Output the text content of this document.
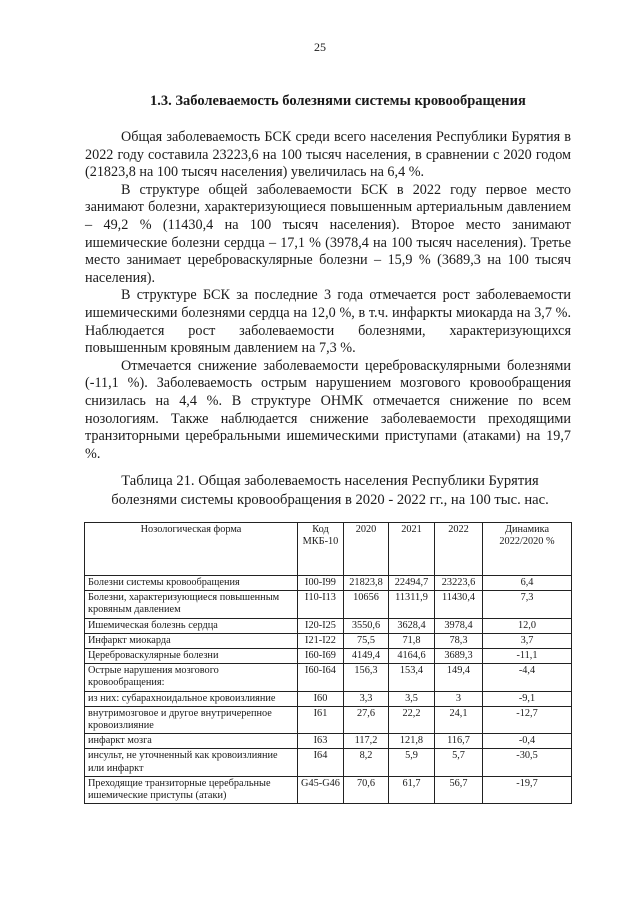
25
1.3. Заболеваемость болезнями системы кровообращения

Общая заболеваемость БСК среди всего населения Республики Бурятия в 2022 году составила 23223,6 на 100 тысяч населения, в сравнении с 2020 годом (21823,8 на 100 тысяч населения) увеличилась на 6,4 %.

В структуре общей заболеваемости БСК в 2022 году первое место занимают болезни, характеризующиеся повышенным артериальным давлением – 49,2 % (11430,4 на 100 тысяч населения). Второе место занимают ишемические болезни сердца – 17,1 % (3978,4 на 100 тысяч населения). Третье место занимает цереброваскулярные болезни – 15,9 % (3689,3 на 100 тысяч населения).

В структуре БСК за последние 3 года отмечается рост заболеваемости ишемическими болезнями сердца на 12,0 %, в т.ч. инфаркты миокарда на 3,7 %. Наблюдается рост заболеваемости болезнями, характеризующихся повышенным кровяным давлением на 7,3 %.

Отмечается снижение заболеваемости цереброваскулярными болезнями (-11,1 %). Заболеваемость острым нарушением мозгового кровообращения снизилась на 4,4 %. В структуре ОНМК отмечается снижение по всем нозологиям. Также наблюдается снижение заболеваемости преходящими транзиторными церебральными ишемическими приступами (атаками) на 19,7 %.

Таблица 21. Общая заболеваемость населения Республики Бурятия
болезнями системы кровообращения в 2020 - 2022 гг., на 100 тыс. нас.
Нозологическая форма	Код МКБ-10	2020	2021	2022	Динамика 2022/2020 %
Болезни системы кровообращения	I00-I99	21823,8	22494,7	23223,6	6,4
Болезни, характеризующиеся повышенным кровяным давлением	I10-I13	10656	11311,9	11430,4	7,3
Ишемическая болезнь сердца	I20-I25	3550,6	3628,4	3978,4	12,0
Инфаркт миокарда	I21-I22	75,5	71,8	78,3	3,7
Цереброваскулярные болезни	I60-I69	4149,4	4164,6	3689,3	-11,1
Острые нарушения мозгового кровообращения:	I60-I64	156,3	153,4	149,4	-4,4
из них: субарахноидальное кровоизлияние	I60	3,3	3,5	3	-9,1
внутримозговое и другое внутричерепное кровоизлияние	I61	27,6	22,2	24,1	-12,7
инфаркт мозга	I63	117,2	121,8	116,7	-0,4
инсульт, не уточненный как кровоизлияние или инфаркт	I64	8,2	5,9	5,7	-30,5
Преходящие транзиторные церебральные ишемические приступы (атаки)	G45-G46	70,6	61,7	56,7	-19,7
